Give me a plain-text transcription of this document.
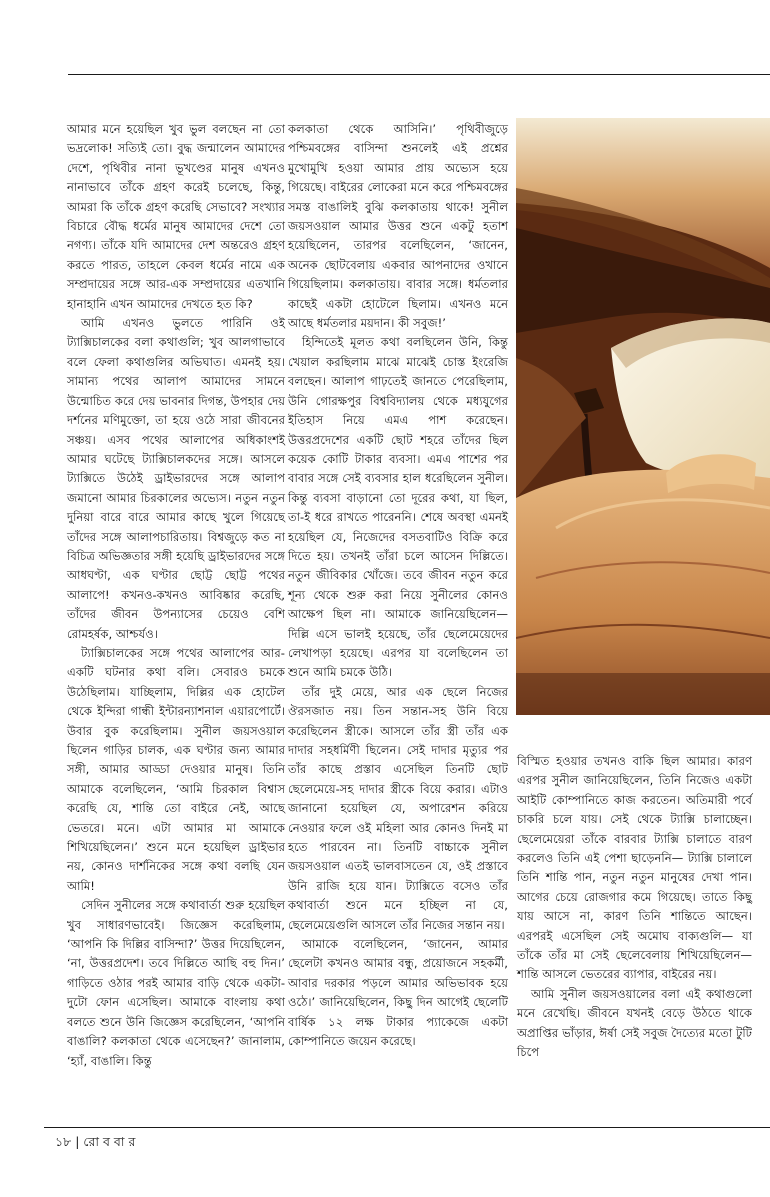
আমার মনে হয়েছিল খুব ভুল বলছেন না তো ভদ্রলোক! সত্যিই তো। বুদ্ধ জন্মালেন আমাদের দেশে, পৃথিবীর নানা ভূখণ্ডের মানুষ এখনও নানাভাবে তাঁকে গ্রহণ করেই চলেছে, কিন্তু, আমরা কি তাঁকে গ্রহণ করেছি সেভাবে? সংখ্যার বিচারে বৌদ্ধ ধর্মের মানুষ আমাদের দেশে তো নগণ্য। তাঁকে যদি আমাদের দেশ অন্তরেও গ্রহণ করতে পারত, তাহলে কেবল ধর্মের নামে এক সম্প্রদায়ের সঙ্গে আর-এক সম্প্রদায়ের এতখানি হানাহানি এখন আমাদের দেখতে হত কি?

আমি এখনও ভুলতে পারিনি ওই ট্যাক্সিচালকের বলা কথাগুলি; খুব আলগাভাবে বলে ফেলা কথাগুলির অভিঘাত। এমনই হয়। সামান্য পথের আলাপ আমাদের সামনে উন্মোচিত করে দেয় ভাবনার দিগন্ত, উপহার দেয় দর্শনের মণিমুক্তো, তা হয়ে ওঠে সারা জীবনের সঞ্চয়। এসব পথের আলাপের অধিকাংশই আমার ঘটেছে ট্যাক্সিচালকদের সঙ্গে। আসলে ট্যাক্সিতে উঠেই ড্রাইভারদের সঙ্গে আলাপ জমানো আমার চিরকালের অভ্যেস। নতুন নতুন দুনিয়া বারে বারে আমার কাছে খুলে গিয়েছে তাঁদের সঙ্গে আলাপচারিতায়। বিশ্বজুড়ে কত না বিচিত্র অভিজ্ঞতার সঙ্গী হয়েছি ড্রাইভারদের সঙ্গে আধঘণ্টা, এক ঘণ্টার ছোট্ট ছোট্ট পথের আলাপে! কখনও-কখনও আবিষ্কার করেছি, তাঁদের জীবন উপন্যাসের চেয়েও বেশি রোমহর্ষক, আশ্চর্যও।

ট্যাক্সিচালকের সঙ্গে পথের আলাপের আর-একটি ঘটনার কথা বলি। সেবারও চমকে উঠেছিলাম। যাচ্ছিলাম, দিল্লির এক হোটেল থেকে ইন্দিরা গান্ধী ইন্টারন্যাশনাল এয়ারপোর্টে। উবার বুক করেছিলাম। সুনীল জয়সওয়াল ছিলেন গাড়ির চালক, এক ঘণ্টার জন্য আমার সঙ্গী, আমার আড্ডা দেওয়ার মানুষ। তিনি আমাকে বলেছিলেন, ‘আমি চিরকাল বিশ্বাস করেছি যে, শান্তি তো বাইরে নেই, আছে ভেতরে। মনে। এটা আমার মা আমাকে শিখিয়েছিলেন।’ শুনে মনে হয়েছিল ড্রাইভার নয়, কোনও দার্শনিকের সঙ্গে কথা বলছি যেন আমি!

সেদিন সুনীলের সঙ্গে কথাবার্তা শুরু হয়েছিল খুব সাধারণভাবেই। জিজ্ঞেস করেছিলাম, ‘আপনি কি দিল্লির বাসিন্দা?’ উত্তর দিয়েছিলেন, ‘না, উত্তরপ্রদেশ। তবে দিল্লিতে আছি বহু দিন।’ গাড়িতে ওঠার পরই আমার বাড়ি থেকে একটা-দুটো ফোন এসেছিল। আমাকে বাংলায় কথা বলতে শুনে উনি জিজ্ঞেস করেছিলেন, ‘আপনি বাঙালি? কলকাতা থেকে এসেছেন?’ জানালাম, ‘হ্যাঁ, বাঙালি। কিন্তু

কলকাতা থেকে আসিনি।’ পৃথিবীজুড়ে পশ্চিমবঙ্গের বাসিন্দা শুনলেই এই প্রশ্নের মুখোমুখি হওয়া আমার প্রায় অভ্যেস হয়ে গিয়েছে। বাইরের লোকেরা মনে করে পশ্চিমবঙ্গের সমস্ত বাঙালিই বুঝি কলকাতায় থাকে! সুনীল জয়সওয়াল আমার উত্তর শুনে একটু হতাশ হয়েছিলেন, তারপর বলেছিলেন, ‘জানেন, অনেক ছোটবেলায় একবার আপনাদের ওখানে গিয়েছিলাম। কলকাতায়। বাবার সঙ্গে। ধর্মতলার কাছেই একটা হোটেলে ছিলাম। এখনও মনে আছে ধর্মতলার ময়দান। কী সবুজ!’

হিন্দিতেই মূলত কথা বলছিলেন উনি, কিন্তু খেয়াল করছিলাম মাঝে মাঝেই চোস্ত ইংরেজি বলছেন। আলাপ গাঢ়তেই জানতে পেরেছিলাম, উনি গোরক্ষপুর বিশ্ববিদ্যালয় থেকে মধ্যযুগের ইতিহাস নিয়ে এমএ পাশ করেছেন। উত্তরপ্রদেশের একটি ছোট শহরে তাঁদের ছিল কয়েক কোটি টাকার ব্যবসা। এমএ পাশের পর বাবার সঙ্গে সেই ব্যবসার হাল ধরেছিলেন সুনীল। কিন্তু ব্যবসা বাড়ানো তো দূরের কথা, যা ছিল, তা-ই ধরে রাখতে পারেননি। শেষে অবস্থা এমনই হয়েছিল যে, নিজেদের বসতবাটিও বিক্রি করে দিতে হয়। তখনই তাঁরা চলে আসেন দিল্লিতে। নতুন জীবিকার খোঁজে। তবে জীবন নতুন করে শূন্য থেকে শুরু করা নিয়ে সুনীলের কোনও আক্ষেপ ছিল না। আমাকে জানিয়েছিলেন— দিল্লি এসে ভালই হয়েছে, তাঁর ছেলেমেয়েদের লেখাপড়া হয়েছে। এরপর যা বলেছিলেন তা শুনে আমি চমকে উঠি।

তাঁর দুই মেয়ে, আর এক ছেলে নিজের ঔরসজাত নয়। তিন সন্তান-সহ উনি বিয়ে করেছিলেন স্ত্রীকে। আসলে তাঁর স্ত্রী তাঁর এক দাদার সহধর্মিণী ছিলেন। সেই দাদার মৃত্যুর পর তাঁর কাছে প্রস্তাব এসেছিল তিনটি ছোট ছেলেমেয়ে-সহ দাদার স্ত্রীকে বিয়ে করার। এটাও জানানো হয়েছিল যে, অপারেশন করিয়ে নেওয়ার ফলে ওই মহিলা আর কোনও দিনই মা হতে পারবেন না। তিনটি বাচ্চাকে সুনীল জয়সওয়াল এতই ভালবাসতেন যে, ওই প্রস্তাবে উনি রাজি হয়ে যান। ট্যাক্সিতে বসেও তাঁর কথাবার্তা শুনে মনে হচ্ছিল না যে, ছেলেমেয়েগুলি আসলে তাঁর নিজের সন্তান নয়।

আমাকে বলেছিলেন, ‘জানেন, আমার ছেলেটা কখনও আমার বন্ধু, প্রয়োজনে সহকর্মী, আবার দরকার পড়লে আমার অভিভাবক হয়ে ওঠে।’ জানিয়েছিলেন, কিছু দিন আগেই ছেলেটি বার্ষিক ১২ লক্ষ টাকার প্যাকেজে একটা কোম্পানিতে জয়েন করেছে।

বিস্মিত হওয়ার তখনও বাকি ছিল আমার। কারণ এরপর সুনীল জানিয়েছিলেন, তিনি নিজেও একটা আইটি কোম্পানিতে কাজ করতেন। অতিমারী পর্বে চাকরি চলে যায়। সেই থেকে ট্যাক্সি চালাচ্ছেন। ছেলেমেয়েরা তাঁকে বারবার ট্যাক্সি চালাতে বারণ করলেও তিনি এই পেশা ছাড়েননি— ট্যাক্সি চালালে তিনি শান্তি পান, নতুন নতুন মানুষের দেখা পান। আগের চেয়ে রোজগার কমে গিয়েছে। তাতে কিছু যায় আসে না, কারণ তিনি শান্তিতে আছেন। এরপরই এসেছিল সেই অমোঘ বাক্যগুলি— যা তাঁকে তাঁর মা সেই ছেলেবেলায় শিখিয়েছিলেন— শান্তি আসলে ভেতরের ব্যাপার, বাইরের নয়।

আমি সুনীল জয়সওয়ালের বলা এই কথাগুলো মনে রেখেছি। জীবনে যখনই বেড়ে উঠতে থাকে অপ্রাপ্তির ভাঁড়ার, ঈর্ষা সেই সবুজ দৈত্যের মতো টুটি চিপে

১৮ | রো ব বা র
